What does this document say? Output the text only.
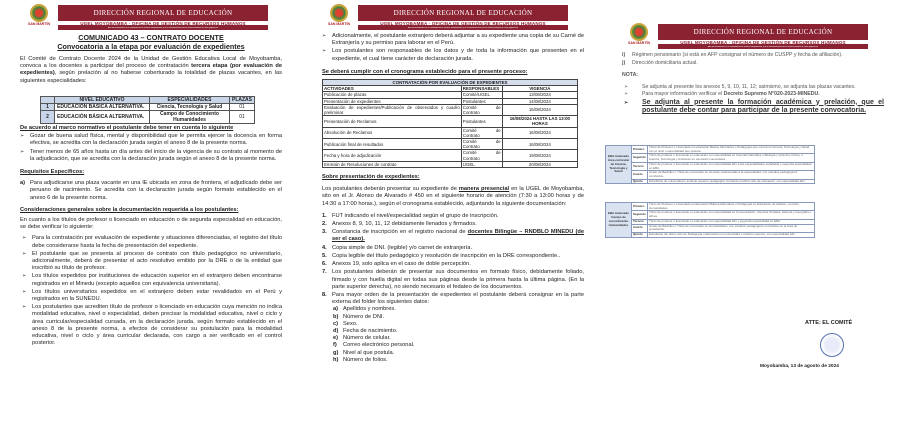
SAN MARTÍN
DIRECCIÓN REGIONAL DE EDUCACIÓN
UGEL MOYOBAMBA - OFICINA DE GESTIÓN DE RECURSOS HUMANOS
Año del Bicentenario, de la consolidación de nuestra Independencia, y de la conmemoración de las heroicas batallas de Junín y Ayacucho
COMUNICADO 43 – CONTRATO DOCENTE
Convocatoria a la etapa por evaluación de expedientes

El Comité de Contrato Docente 2024 de la Unidad de Gestión Educativa Local de Moyobamba, convoca a los docentes a participar del proceso de contratación tercera etapa (por evaluación de expedientes), según prelación al no haberse coberturado la totalidad de plazas vacantes, en las siguientes especialidades:

	NIVEL EDUCATIVO	ESPECIALIDADES	PLAZAS
1	EDUCACIÓN BÁSICA ALTERNATIVA.	Ciencia, Tecnología y Salud	01
2	EDUCACIÓN BÁSICA ALTERNATIVA.	Campo de Conocimiento Humanidades	01
De acuerdo al marco normativo el postulante debe tener en cuenta lo siguiente
➢ Gozar de buena salud física, mental y disponibilidad que le permita ejercer la docencia en forma efectiva, se acredita con la declaración jurada según el anexo 8 de la presente norma.
➢ Tener menos de 65 años hasta un día antes del inicio de la vigencia de su contrato al momento de la adjudicación, que se acredita con la declaración jurada según el anexo 8 de la presente norma.
Requisitos Específicos:
a) Para adjudicarse una plaza vacante en una IE ubicada en zona de frontera, el adjudicado debe ser peruano de nacimiento. Se acredita con la declaración jurada según formato establecido en el anexo 6 de la presente norma.
Consideraciones generales sobre la documentación requerida a los postulantes:

En cuanto a los títulos de profesor o licenciado en educación o de segunda especialidad en educación, se debe verificar lo siguiente:

➢ Para la contratación por evaluación de expediente y situaciones diferenciadas, el registro del título debe considerarse hasta la fecha de presentación del expediente.
➢ El postulante que se presenta al proceso de contrato con título pedagógico no universitario, adicionalmente, deberá de presentar el acto resolutivo emitido por la DRE o de la entidad que inscribió su título de profesor.
➢ Los títulos expedidos por instituciones de educación superior en el extranjero deben encontrarse registrados en el Minedu (excepto aquellos con equivalencia universitaria).
➢ Los títulos universitarios expedidos en el extranjero deben estar revalidados en el Perú y registrados en la SUNEDU.
➢ Los postulantes que acrediten título de profesor o licenciado en educación cuya mención no indica modalidad educativa, nivel o especialidad, deben precisar la modalidad educativa, nivel o ciclo y área curricular/especialidad cursada, en la declaración jurada, según formato establecido en el anexo 8 de la presente norma, a efectos de considerar su postulación para la modalidad educativa, nivel o ciclo y área curricular declarada, con cargo a ser verificado en el control posterior.
SAN MARTÍN
DIRECCIÓN REGIONAL DE EDUCACIÓN
UGEL MOYOBAMBA - OFICINA DE GESTIÓN DE RECURSOS HUMANOS
Año del Bicentenario, de la consolidación de nuestra Independencia, y de la conmemoración de las heroicas batallas de Junín y Ayacucho
➢ Adicionalmente, el postulante extranjero deberá adjuntar a su expediente una copia de su Carné de Extranjería y su permiso para laborar en el Perú.
➢ Los postulantes son responsables de los datos y de toda la información que presenten en el expediente, el cual tiene carácter de declaración jurada.
Se deberá cumplir con el cronograma establecido para el presente proceso:
CONTRATACIÓN POR EVALUACIÓN DE EXPEDIENTES		
ACTIVIDADES	RESPONSABLES	VIGENCIA
Publicación de plazas	Comité/UGEL	13/08/2024
Presentación de expedientes	Postulantes	14/08/2024
Evaluación de expedientes/Publicación de observados y cuadro preliminar	Comité de Contrato	15/08/2024
Presentación de Reclamos	Postulantes	16/08/2024 HASTA LAS 13:00 HORAS
Absolución de Reclamos	Comité de Contrato	16/08/2024
Publicación final de resultados	Comité de Contrato	16/08/2024
Fecha y hora de adjudicación	Comité de Contrato	19/08/2024
Emisión de Resoluciones de contrato	UGEL	20/08/2024
Sobre presentación de expedientes:

Los postulantes deberán presentar su expediente de manera presencial en la UGEL de Moyobamba, sito en el Jr. Alonso de Alvarado # 450 en el siguiente horario de atención (7:30 a 13:00 horas y de 14:30 a 17:00 horas.), según el cronograma establecido, adjuntando la siguiente documentación:

1. FUT indicando el nivel/especialidad según el grupo de inscripción.
2. Anexos 8, 9, 10, 11, 12 debidamente llenados y firmados.
3. Constancia de inscripción en el registro nacional de docentes Bilingüe – RNDBLO MINEDU (de ser el caso).
4. Copia simple de DNI. (legible) y/o carnet de extranjería.
5. Copia legible del título pedagógico y resolución de inscripción en la DRE correspondiente..
6. Anexos 19, solo aplica en el caso de doble percepción.
7. Los postulantes deberán de presentar sus documentos en formato físico, debidamente foliado, firmado y con huella digital en todas sus páginas desde la primera hasta la última página. (En la parte superior derecha), no siendo necesario el fedateo de los documentos.
8. Para mayor orden de la presentación de expedientes el postulante deberá consignar en la parte externa del folder los siguientes datos:
a) Apellidos y nombres.
b) Número de DNI.
c) Sexo.
d) Fecha de nacimiento.
e) Número de celular.
f) Correo electrónico personal.
g) Nivel al que postula.
h) Número de folios.
SAN MARTÍN
DIRECCIÓN REGIONAL DE EDUCACIÓN
UGEL MOYOBAMBA - OFICINA DE GESTIÓN DE RECURSOS HUMANOS
Año del Bicentenario, de la consolidación de nuestra Independencia, y de la conmemoración de las heroicas batallas de Junín y Ayacucho
i) Régimen pensionario (si está en AFP consignar el número de CUSPP y fecha de afiliación).
j) Dirección domiciliaria actual.
NOTA:
➢ Se adjunta al presente los anexos 5, 9, 10, 11, 12; asimismo, se adjunta las plazas vacantes.
➢ Para mayor información verificar el Decreto Supremo N°020-2023-MINEDU.
➢ Se adjunta al presente la formación académica y prelación, que el postulante debe contar para participar de la presente convocatoria.
EBA Avanzado Área curricular de Ciencia, Tecnología y Salud	Primero	Título de Profesor o Licenciado en educación Básica Alternativa o Pedagogía que mencione Ciencia, Tecnología y Salud, con el nivel o especialidad que postula.
	Segundo	Título de profesor o licenciado en educación con especialidad en Ciencias Naturales o Biología y Química, Física, o Ciencia, Tecnología y Ambiente en educación secundaria.
	Tercero	Título de profesor o licenciado en educación con especialidad afín a las especialidades señaladas y segunda especialidad en EBA.
	Cuarto	Grado de Bachiller o Título de Licenciado en ciencias relacionadas a la especialidad, con estudios pedagógicos concluidos.
	Quinto	Estudiante de universidad o instituto superior pedagógico cursando el último año de educación, con especialidad afín.
EBA Avanzado Campo de conocimiento Humanidades	Primero	Título de Profesor o Licenciado en Educación Básica Alternativa o Pedagogía en Educación de Adultos, mención Humanidades.
	Segundo	Título de profesor o licenciado en educación con especialidad en Comunicación, Ciencias Sociales, Historia y Geografía o afines.
	Tercero	Título de profesor o licenciado en educación con especialidad afín y segunda especialidad en EBA.
	Cuarto	Grado de Bachiller o Título de Licenciado en Humanidades, con estudios pedagógicos concluidos en el área de postulación.
	Quinto	Estudiante del último año de Pedagogía o Educación en universidad o instituto superior, con especialidad afín.
ATTE: EL COMITÉ
Moyobamba, 13 de agosto de 2024
